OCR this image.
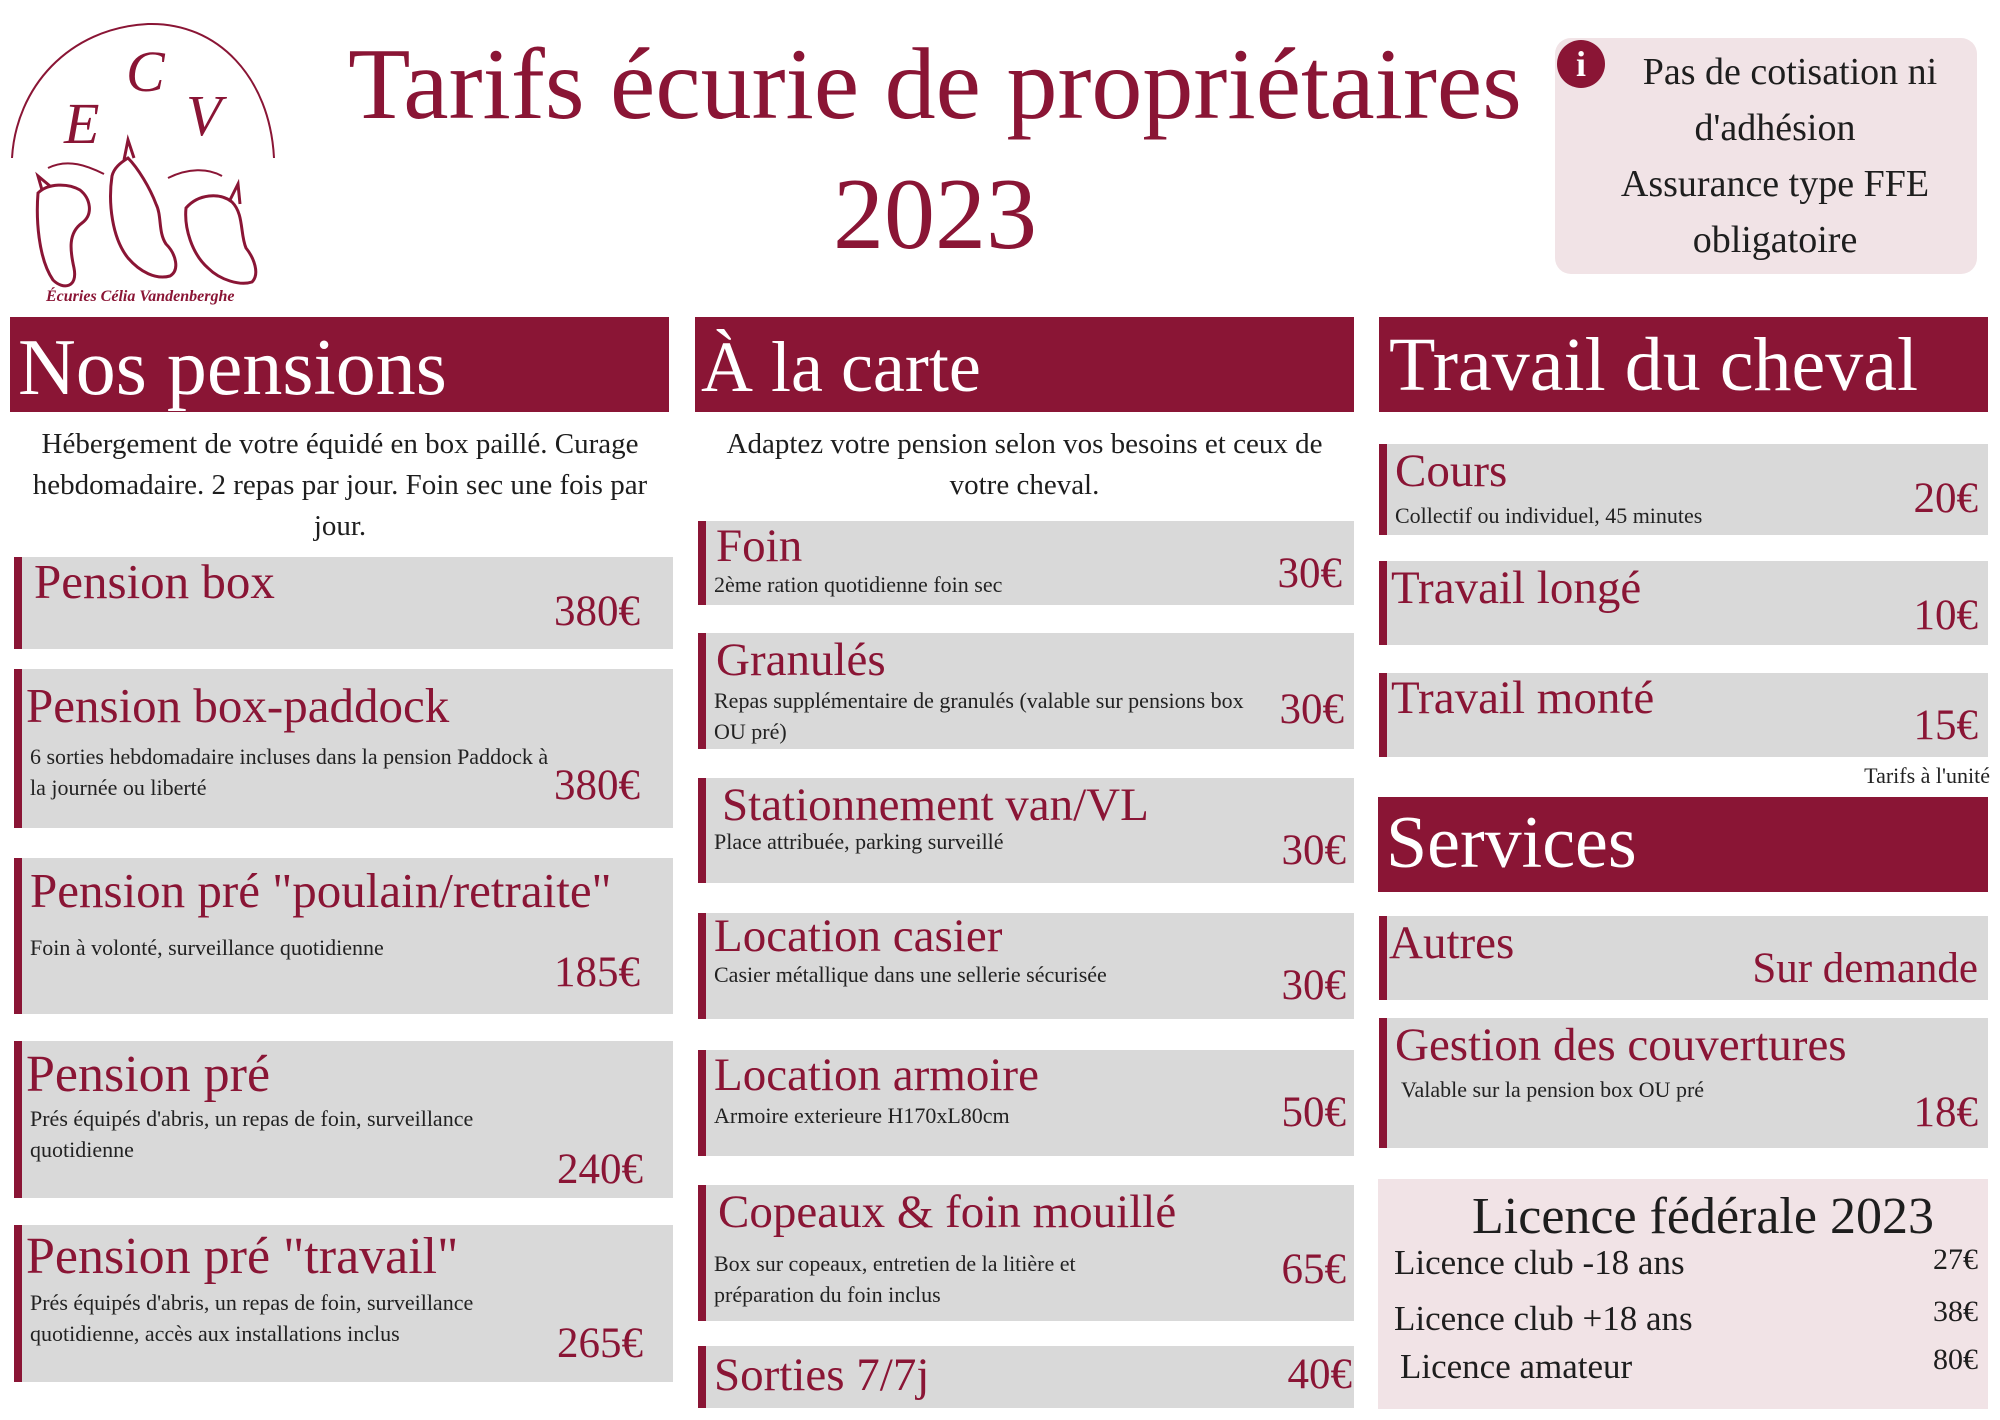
E
C
V
Écuries Célia Vandenberghe
Tarifs écurie de propriétaires
2023
i	Pas de cotisation ni
d'adhésion
Assurance type FFE
obligatoire
Nos pensions
Hébergement de votre équidé en box paillé. Curage hebdomadaire. 2 repas par jour. Foin sec une fois par jour.
Pension box
380€
Pension box-paddock
6 sorties hebdomadaire incluses dans la pension Paddock à la journée ou liberté	380€
Pension pré "poulain/retraite"
Foin à volonté, surveillance quotidienne
185€
Pension pré
Prés équipés d'abris, un repas de foin, surveillance quotidienne	240€
Pension pré "travail"
Prés équipés d'abris, un repas de foin, surveillance quotidienne, accès aux installations inclus	265€
À la carte
Adaptez votre pension selon vos besoins et ceux de votre cheval.
Foin
2ème ration quotidienne foin sec	30€
Granulés
Repas supplémentaire de granulés (valable sur pensions box OU pré)	30€
Stationnement van/VL
Place attribuée, parking surveillé	30€
Location casier
Casier métallique dans une sellerie sécurisée	30€
Location armoire
Armoire exterieure H170xL80cm	50€
Copeaux & foin mouillé
Box sur copeaux, entretien de la litière et préparation du foin inclus
65€
Sorties 7/7j	40€
Travail du cheval
Cours
Collectif ou individuel, 45 minutes	20€
Travail longé
10€
Travail monté
15€
Tarifs à l'unité
Services
Autres	Sur demande
Gestion des couvertures
Valable sur la pension box OU pré	18€
Licence fédérale 2023
Licence club -18 ans	27€
Licence club +18 ans	38€
Licence amateur	80€
